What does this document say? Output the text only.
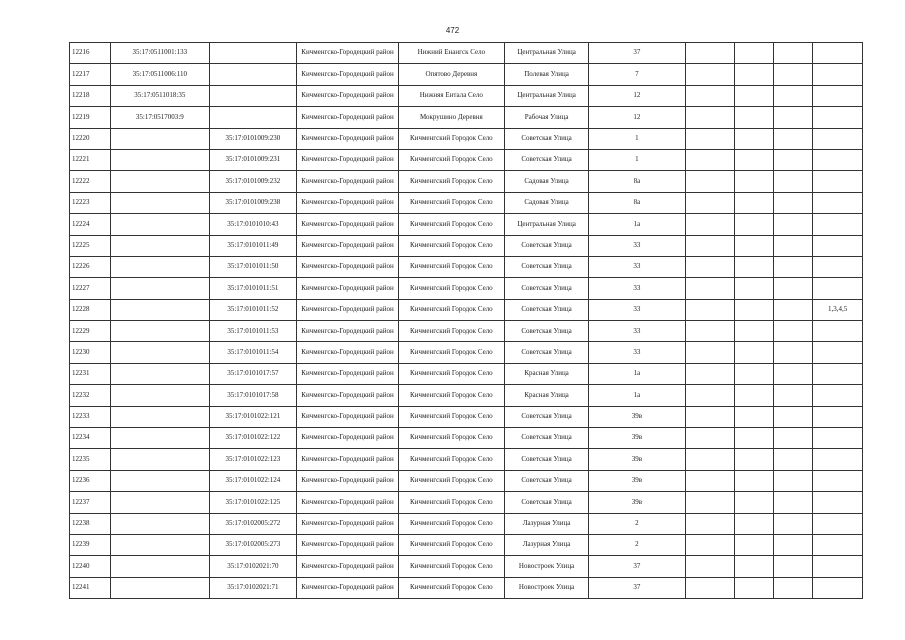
472
12216	35:17:0511001:133		Кичменгско-Городецкий район	Нижний Енангск Село	Центральная Улица	37				
12217	35:17:0511006:110		Кичменгско-Городецкий район	Опятово Деревня	Полевая Улица	7				
12218	35:17:0511018:35		Кичменгско-Городецкий район	Нижняя Ентала Село	Центральная Улица	12				
12219	35:17:0517003:9		Кичменгско-Городецкий район	Мокрушино Деревня	Рабочая Улица	12				
12220		35:17:0101009:230	Кичменгско-Городецкий район	Кичменгский Городок Село	Советская Улица	1				
12221		35:17:0101009:231	Кичменгско-Городецкий район	Кичменгский Городок Село	Советская Улица	1				
12222		35:17:0101009:232	Кичменгско-Городецкий район	Кичменгский Городок Село	Садовая Улица	8а				
12223		35:17:0101009:238	Кичменгско-Городецкий район	Кичменгский Городок Село	Садовая Улица	8а				
12224		35:17:0101010:43	Кичменгско-Городецкий район	Кичменгский Городок Село	Центральная Улица	1а				
12225		35:17:0101011:49	Кичменгско-Городецкий район	Кичменгский Городок Село	Советская Улица	33				
12226		35:17:0101011:50	Кичменгско-Городецкий район	Кичменгский Городок Село	Советская Улица	33				
12227		35:17:0101011:51	Кичменгско-Городецкий район	Кичменгский Городок Село	Советская Улица	33				
12228		35:17:0101011:52	Кичменгско-Городецкий район	Кичменгский Городок Село	Советская Улица	33				1,3,4,5
12229		35:17:0101011:53	Кичменгско-Городецкий район	Кичменгский Городок Село	Советская Улица	33				
12230		35:17:0101011:54	Кичменгско-Городецкий район	Кичменгский Городок Село	Советская Улица	33				
12231		35:17:0101017:57	Кичменгско-Городецкий район	Кичменгский Городок Село	Красная Улица	1а				
12232		35:17:0101017:58	Кичменгско-Городецкий район	Кичменгский Городок Село	Красная Улица	1а				
12233		35:17:0101022:121	Кичменгско-Городецкий район	Кичменгский Городок Село	Советская Улица	39в				
12234		35:17:0101022:122	Кичменгско-Городецкий район	Кичменгский Городок Село	Советская Улица	39в				
12235		35:17:0101022:123	Кичменгско-Городецкий район	Кичменгский Городок Село	Советская Улица	39в				
12236		35:17:0101022:124	Кичменгско-Городецкий район	Кичменгский Городок Село	Советская Улица	39в				
12237		35:17:0101022:125	Кичменгско-Городецкий район	Кичменгский Городок Село	Советская Улица	39в				
12238		35:17:0102005:272	Кичменгско-Городецкий район	Кичменгский Городок Село	Лазурная Улица	2				
12239		35:17:0102005:273	Кичменгско-Городецкий район	Кичменгский Городок Село	Лазурная Улица	2				
12240		35:17:0102021:70	Кичменгско-Городецкий район	Кичменгский Городок Село	Новостроек Улица	37				
12241		35:17:0102021:71	Кичменгско-Городецкий район	Кичменгский Городок Село	Новостроек Улица	37				
